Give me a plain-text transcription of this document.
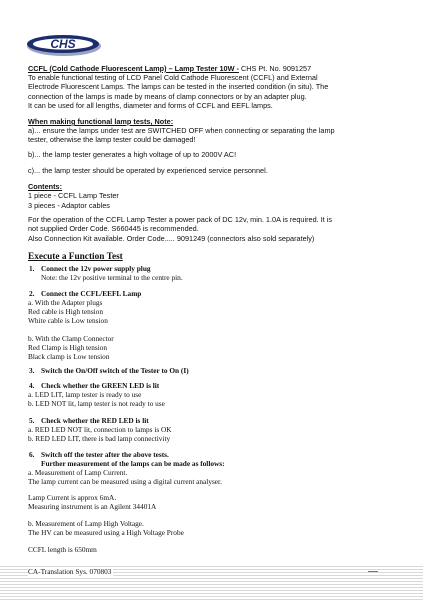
CHS
CCFL (Cold Cathode Fluorescent Lamp) – Lamp Tester 10W - CHS Pt. No. 9091257
To enable functional testing of LCD Panel Cold Cathode Fluorescent (CCFL) and External
Electrode Fluorescent Lamps. The lamps can be tested in the inserted condition (in situ). The
connection of the lamps is made by means of clamp connectors or by an adapter plug.
It can be used for all lengths, diameter and forms of CCFL and EEFL lamps.
When making functional lamp tests, Note:
a)... ensure the lamps under test are SWITCHED OFF when connecting or separating the lamp
tester, otherwise the lamp tester could be damaged!
b)... the lamp tester generates a high voltage of up to 2000V AC!
c)... the lamp tester should be operated by experienced service personnel.
Contents:
1 piece - CCFL Lamp Tester
3 pieces - Adaptor cables
For the operation of the CCFL Lamp Tester a power pack of DC 12v, min. 1.0A is required. It is
not supplied Order Code. S660445 is recommended.
Also Connection Kit available. Order Code..... 9091249 (connectors also sold separately)
Execute a Function Test
1. Connect the 12v power supply plug
Note: the 12v positive terminal to the centre pin.
2. Connect the CCFL/EEFL Lamp
a. With the Adapter plugs
Red cable is High tension
White cable is Low tension
b. With the Clamp Connector
Red Clamp is High tension
Black clamp is Low tension
3. Switch the On/Off switch of the Tester to On (I)
4. Check whether the GREEN LED is lit
a. LED LIT, lamp tester is ready to use
b. LED NOT lit, lamp tester is not ready to use
5. Check whether the RED LED is lit
a. RED LED NOT lit, connection to lamps is OK
b. RED LED LIT, there is bad lamp connectivity
6. Switch off the tester after the above tests.
Further measurement of the lamps can be made as follows:
a. Measurement of Lamp Current.
The lamp current can be measured using a digital current analyser.
Lamp Current is approx 6mA.
Measuring instrument is an Agilent 34401A
b. Measurement of Lamp High Voltage.
The HV can be measured using a High Voltage Probe
CCFL length is 650mm
CA-Translation Sys. 070803
